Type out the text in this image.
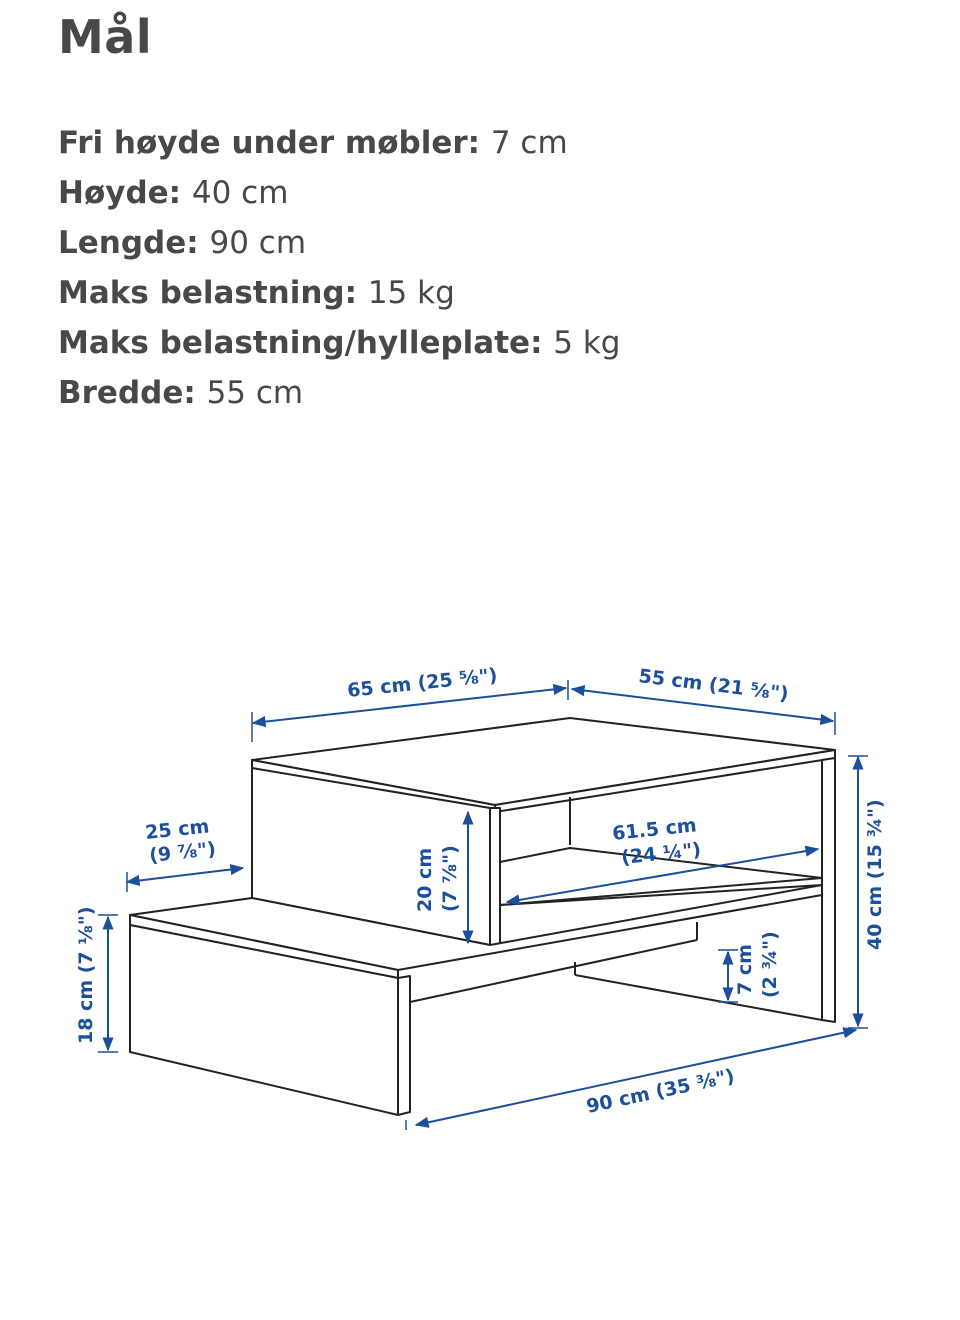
Mål
Fri høyde under møbler: 7 cm
Høyde: 40 cm
Lengde: 90 cm
Maks belastning: 15 kg
Maks belastning/hylleplate: 5 kg
Bredde: 55 cm
65 cm (25 ⅝")	55 cm (21 ⅝")
25 cm
(9 ⅞")	20 cm (7 ⅞")
61.5 cm
(24 ¼")	40 cm (15 ¾")
18 cm (7 ⅛")	7 cm (2 ¾")
90 cm (35 ⅜")
